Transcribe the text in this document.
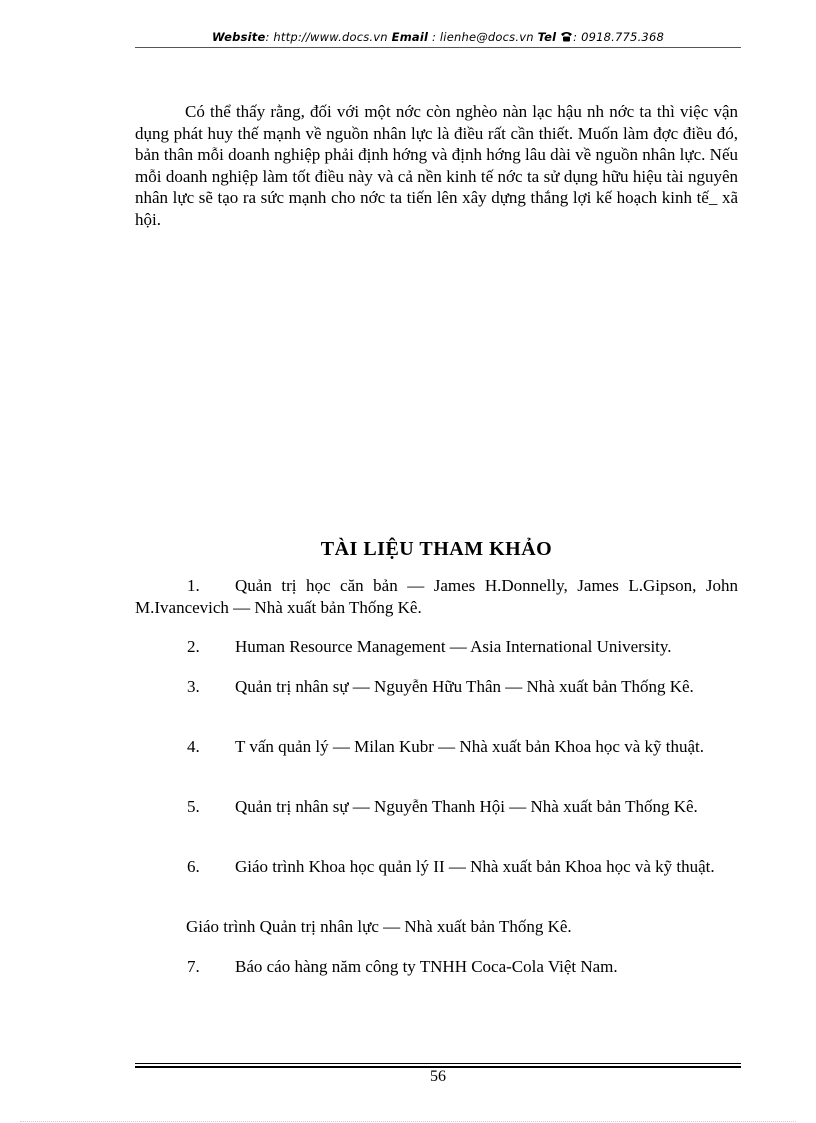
Website: http://www.docs.vn Email : lienhe@docs.vn Tel : 0918.775.368
Có thể thấy rằng, đối với một nớc còn nghèo nàn lạc hậu nh nớc ta thì việc vận dụng phát huy thế mạnh về nguồn nhân lực là điều rất cần thiết. Muốn làm đợc điều đó, bản thân mỗi doanh nghiệp phải định hớng và định hớng lâu dài về nguồn nhân lực. Nếu mỗi doanh nghiệp làm tốt điều này và cả nền kinh tế nớc ta sử dụng hữu hiệu tài nguyên nhân lực sẽ tạo ra sức mạnh cho nớc ta tiến lên xây dựng thắng lợi kế hoạch kinh tế_ xã hội.
TÀI LIỆU THAM KHẢO
1. Quản trị học căn bản — James H.Donnelly, James L.Gipson, John M.Ivancevich — Nhà xuất bản Thống Kê.
2. Human Resource Management — Asia International University.
3. Quản trị nhân sự — Nguyễn Hữu Thân — Nhà xuất bản Thống Kê.
4. T vấn quản lý — Milan Kubr — Nhà xuất bản Khoa học và kỹ thuật.
5. Quản trị nhân sự — Nguyễn Thanh Hội — Nhà xuất bản Thống Kê.
6. Giáo trình Khoa học quản lý II — Nhà xuất bản Khoa học và kỹ thuật.
Giáo trình Quản trị nhân lực — Nhà xuất bản Thống Kê.
7. Báo cáo hàng năm công ty TNHH Coca-Cola Việt Nam.
56
